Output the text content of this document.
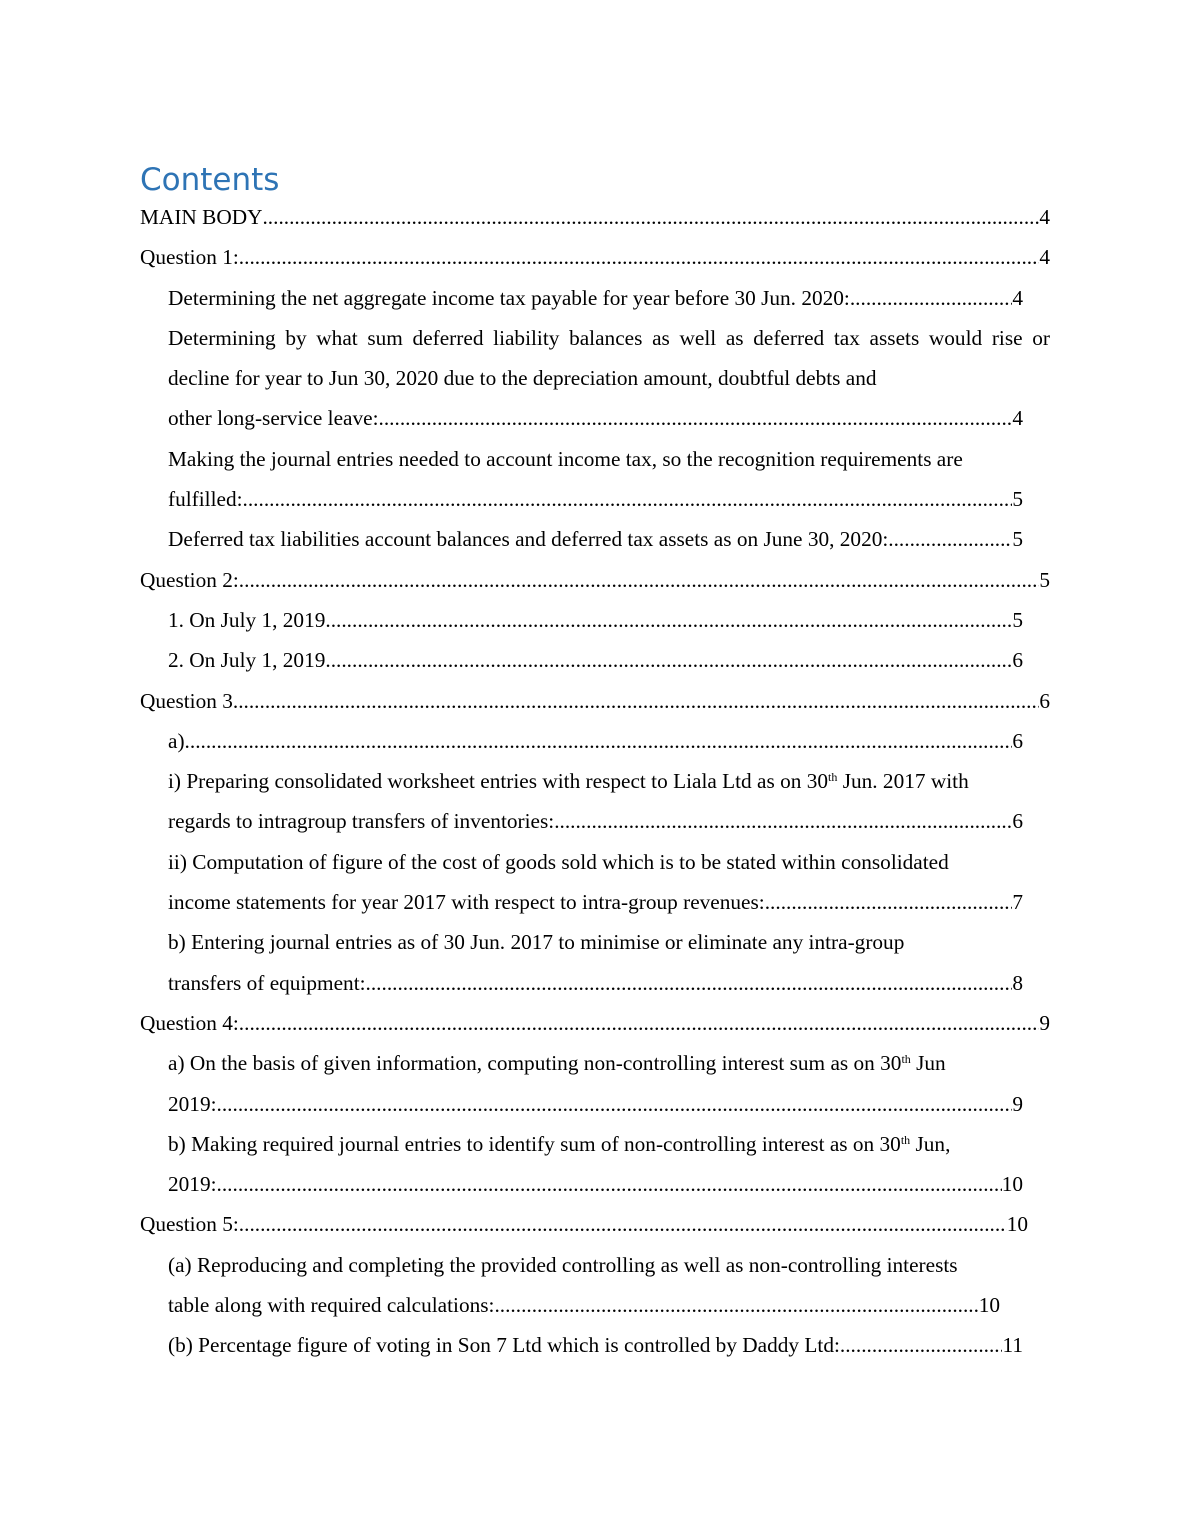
Contents
MAIN BODY .....	4
Question 1: .....	4
Determining the net aggregate income tax payable for year before 30 Jun. 2020: .....	4
Determining by what sum deferred liability balances as well as deferred tax assets would rise or decline for year to Jun 30, 2020 due to the depreciation amount, doubtful debts and
other long-service leave: .....	4
Making the journal entries needed to account income tax, so the recognition requirements are
fulfilled: .....	5
Deferred tax liabilities account balances and deferred tax assets as on June 30, 2020: .....	5
Question 2: .....	5
1. On July 1, 2019 .....	5
2. On July 1, 2019 .....	6
Question 3 .....	6
a) .....	6
i) Preparing consolidated worksheet entries with respect to Liala Ltd as on 30th Jun. 2017 with
regards to intragroup transfers of inventories: .....	6
ii) Computation of figure of the cost of goods sold which is to be stated within consolidated
income statements for year 2017 with respect to intra-group revenues: .....	7
b) Entering journal entries as of 30 Jun. 2017 to minimise or eliminate any intra-group
transfers of equipment: .....	8
Question 4: .....	9
a) On the basis of given information, computing non-controlling interest sum as on 30th Jun
2019: .....	9
b) Making required journal entries to identify sum of non-controlling interest as on 30th Jun,
2019: .....	10
Question 5: .....	10
(a) Reproducing and completing the provided controlling as well as non-controlling interests
table along with required calculations: .....	10
(b) Percentage figure of voting in Son 7 Ltd which is controlled by Daddy Ltd: .....	11
